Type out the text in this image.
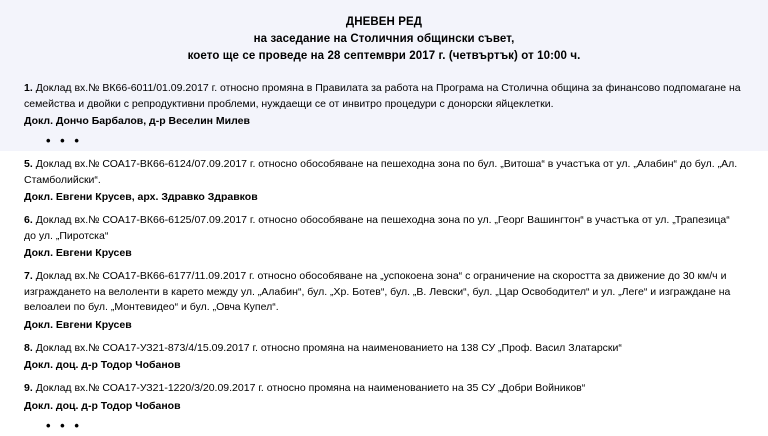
ДНЕВЕН РЕД
на заседание на Столичния общински съвет,
което ще се проведе на 28 септември 2017 г. (четвъртък) от 10:00 ч.
1. Доклад вх.№ ВК66-6011/01.09.2017 г. относно промяна в Правилата за работа на Програма на Столична община за финансово подпомагане на семейства и двойки с репродуктивни проблеми, нуждаещи се от инвитро процедури с донорски яйцеклетки.
Докл. Дончо Барбалов, д-р Веселин Милев
• • •
5. Доклад вх.№ СОА17-ВК66-6124/07.09.2017 г. относно обособяване на пешеходна зона по бул. „Витоша“ в участъка от ул. „Алабин“ до бул. „Ал. Стамболийски“.
Докл. Евгени Крусев, арх. Здравко Здравков
6. Доклад вх.№ СОА17-ВК66-6125/07.09.2017 г. относно обособяване на пешеходна зона по ул. „Георг Вашингтон“ в участъка от ул. „Трапезица“ до ул. „Пиротска“
Докл. Евгени Крусев
7. Доклад вх.№ СОА17-ВК66-6177/11.09.2017 г. относно обособяване на „успокоена зона“ с ограничение на скоростта за движение до 30 км/ч и изграждането на велоленти в карето между ул. „Алабин“, бул. „Хр. Ботев“, бул. „В. Левски“, бул. „Цар Освободител“ и ул. „Леге“ и изграждане на велоалеи по бул. „Монтевидео“ и бул. „Овча Купел“.
Докл. Евгени Крусев
8. Доклад вх.№ СОА17-УЗ21-873/4/15.09.2017 г. относно промяна на наименованието на 138 СУ „Проф. Васил Златарски“
Докл. доц. д-р Тодор Чобанов
9. Доклад вх.№ СОА17-УЗ21-1220/3/20.09.2017 г. относно промяна на наименованието на 35 СУ „Добри Войников“
Докл. доц. д-р Тодор Чобанов
• • •
